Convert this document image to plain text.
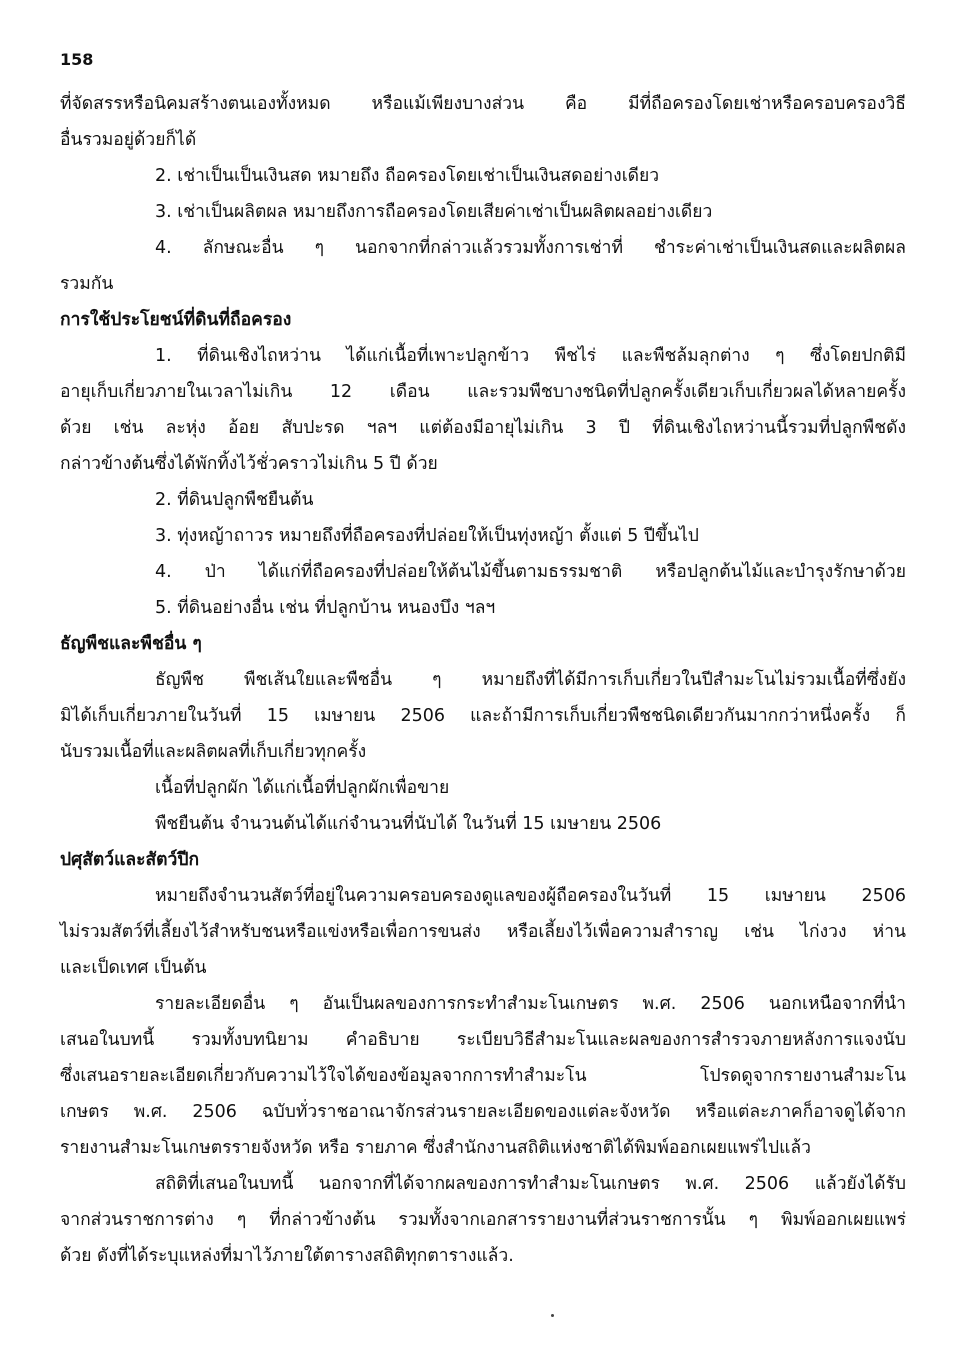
158

ที่จัดสรรหรือนิคมสร้างตนเองทั้งหมด หรือแม้เพียงบางส่วน คือ มีที่ถือครองโดยเช่าหรือครอบครองวิธี

อื่นรวมอยู่ด้วยก็ได้

2. เช่าเป็นเป็นเงินสด หมายถึง ถือครองโดยเช่าเป็นเงินสดอย่างเดียว

3. เช่าเป็นผลิตผล หมายถึงการถือครองโดยเสียค่าเช่าเป็นผลิตผลอย่างเดียว

4. ลักษณะอื่น ๆ นอกจากที่กล่าวแล้วรวมทั้งการเช่าที่ ชำระค่าเช่าเป็นเงินสดและผลิตผล

รวมกัน

การใช้ประโยชน์ที่ดินที่ถือครอง

1. ที่ดินเชิงไถหว่าน ได้แก่เนื้อที่เพาะปลูกข้าว พืชไร่ และพืชล้มลุกต่าง ๆ ซึ่งโดยปกติมี

อายุเก็บเกี่ยวภายในเวลาไม่เกิน 12 เดือน และรวมพืชบางชนิดที่ปลูกครั้งเดียวเก็บเกี่ยวผลได้หลายครั้ง

ด้วย เช่น ละหุ่ง อ้อย สับปะรด ฯลฯ แต่ต้องมีอายุไม่เกิน 3 ปี ที่ดินเชิงไถหว่านนี้รวมที่ปลูกพืชดัง

กล่าวข้างต้นซึ่งได้พักทิ้งไว้ชั่วคราวไม่เกิน 5 ปี ด้วย

2. ที่ดินปลูกพืชยืนต้น

3. ทุ่งหญ้าถาวร หมายถึงที่ถือครองที่ปล่อยให้เป็นทุ่งหญ้า ตั้งแต่ 5 ปีขึ้นไป

4. ป่า ได้แก่ที่ถือครองที่ปล่อยให้ต้นไม้ขึ้นตามธรรมชาติ หรือปลูกต้นไม้และบำรุงรักษาด้วย

5. ที่ดินอย่างอื่น เช่น ที่ปลูกบ้าน หนองบึง ฯลฯ

ธัญพืชและพืชอื่น ๆ

ธัญพืช พืชเส้นใยและพืชอื่น ๆ หมายถึงที่ได้มีการเก็บเกี่ยวในปีสำมะโนไม่รวมเนื้อที่ซึ่งยัง

มิได้เก็บเกี่ยวภายในวันที่ 15 เมษายน 2506 และถ้ามีการเก็บเกี่ยวพืชชนิดเดียวกันมากกว่าหนึ่งครั้ง ก็

นับรวมเนื้อที่และผลิตผลที่เก็บเกี่ยวทุกครั้ง

เนื้อที่ปลูกผัก ได้แก่เนื้อที่ปลูกผักเพื่อขาย

พืชยืนต้น จำนวนต้นได้แก่จำนวนที่นับได้ ในวันที่ 15 เมษายน 2506

ปศุสัตว์และสัตว์ปีก

หมายถึงจำนวนสัตว์ที่อยู่ในความครอบครองดูแลของผู้ถือครองในวันที่ 15 เมษายน 2506

ไม่รวมสัตว์ที่เลี้ยงไว้สำหรับชนหรือแข่งหรือเพื่อการขนส่ง หรือเลี้ยงไว้เพื่อความสำราญ เช่น ไก่งวง ห่าน

และเป็ดเทศ เป็นต้น

รายละเอียดอื่น ๆ อันเป็นผลของการกระทำสำมะโนเกษตร พ.ศ. 2506 นอกเหนือจากที่นำ

เสนอในบทนี้ รวมทั้งบทนิยาม คำอธิบาย ระเบียบวิธีสำมะโนและผลของการสำรวจภายหลังการแจงนับ

ซึ่งเสนอรายละเอียดเกี่ยวกับความไว้ใจได้ของข้อมูลจากการทำสำมะโน โปรดดูจากรายงานสำมะโน

เกษตร พ.ศ. 2506 ฉบับทั่วราชอาณาจักรส่วนรายละเอียดของแต่ละจังหวัด หรือแต่ละภาคก็อาจดูได้จาก

รายงานสำมะโนเกษตรรายจังหวัด หรือ รายภาค ซึ่งสำนักงานสถิติแห่งชาติได้พิมพ์ออกเผยแพร่ไปแล้ว

สถิติที่เสนอในบทนี้ นอกจากที่ได้จากผลของการทำสำมะโนเกษตร พ.ศ. 2506 แล้วยังได้รับ

จากส่วนราชการต่าง ๆ ที่กล่าวข้างต้น รวมทั้งจากเอกสารรายงานที่ส่วนราชการนั้น ๆ พิมพ์ออกเผยแพร่

ด้วย ดังที่ได้ระบุแหล่งที่มาไว้ภายใต้ตารางสถิติทุกตารางแล้ว.
